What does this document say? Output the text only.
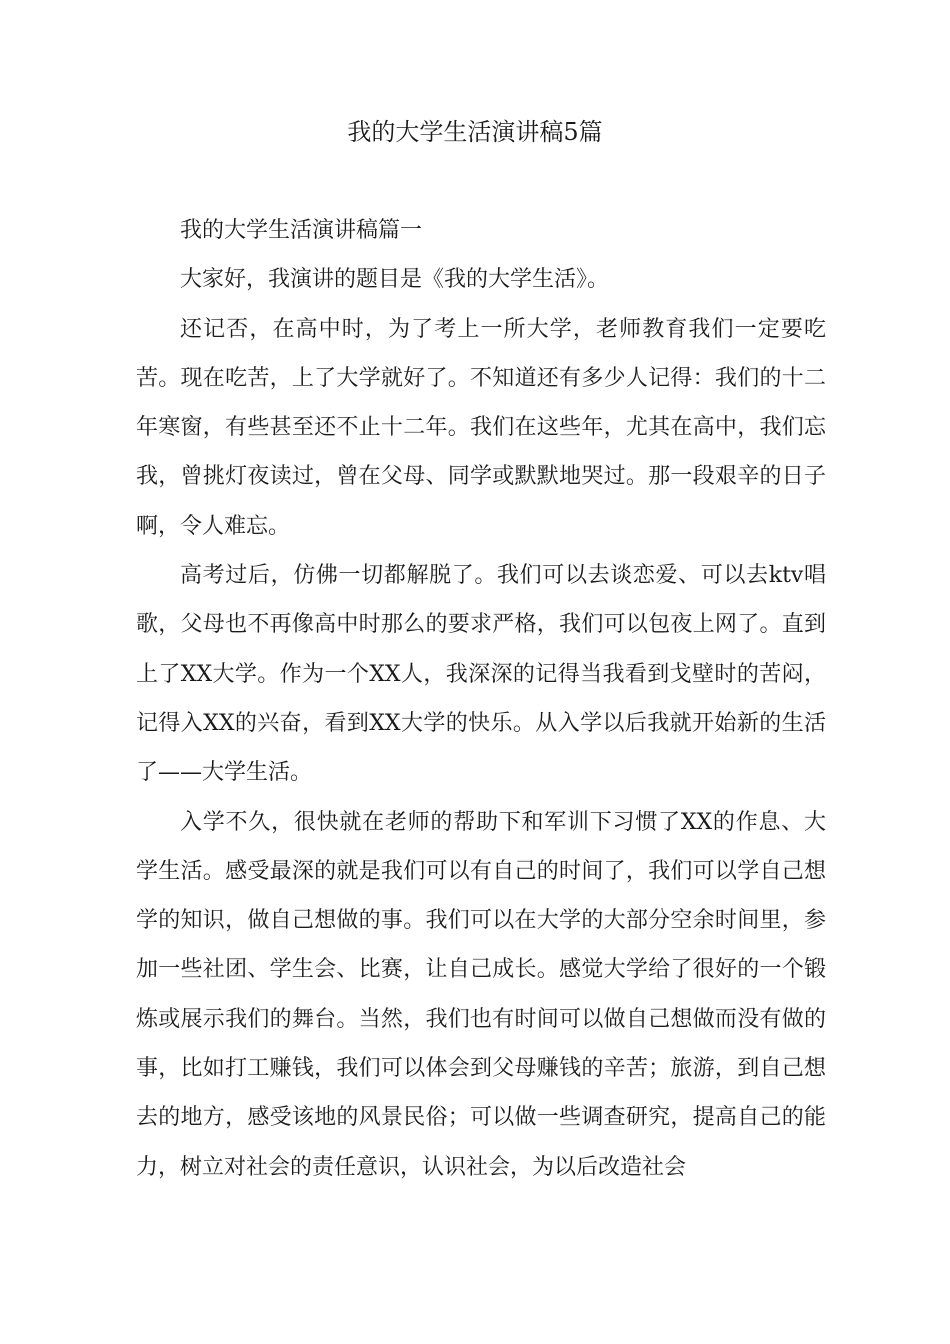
我的大学生活演讲稿5篇

我的大学生活演讲稿篇一

大家好，我演讲的题目是《我的大学生活》。

还记否，在高中时，为了考上一所大学，老师教育我们一定要吃苦。现在吃苦，上了大学就好了。不知道还有多少人记得：我们的十二年寒窗，有些甚至还不止十二年。我们在这些年，尤其在高中，我们忘我，曾挑灯夜读过，曾在父母、同学或默默地哭过。那一段艰辛的日子啊，令人难忘。

高考过后，仿佛一切都解脱了。我们可以去谈恋爱、可以去ktv唱歌，父母也不再像高中时那么的要求严格，我们可以包夜上网了。直到上了XX大学。作为一个XX人，我深深的记得当我看到戈壁时的苦闷，记得入XX的兴奋，看到XX大学的快乐。从入学以后我就开始新的生活了——大学生活。

入学不久，很快就在老师的帮助下和军训下习惯了XX的作息、大学生活。感受最深的就是我们可以有自己的时间了，我们可以学自己想学的知识，做自己想做的事。我们可以在大学的大部分空余时间里，参加一些社团、学生会、比赛，让自己成长。感觉大学给了很好的一个锻炼或展示我们的舞台。当然，我们也有时间可以做自己想做而没有做的事，比如打工赚钱，我们可以体会到父母赚钱的辛苦；旅游，到自己想去的地方，感受该地的风景民俗；可以做一些调查研究，提高自己的能力，树立对社会的责任意识，认识社会，为以后改造社会
